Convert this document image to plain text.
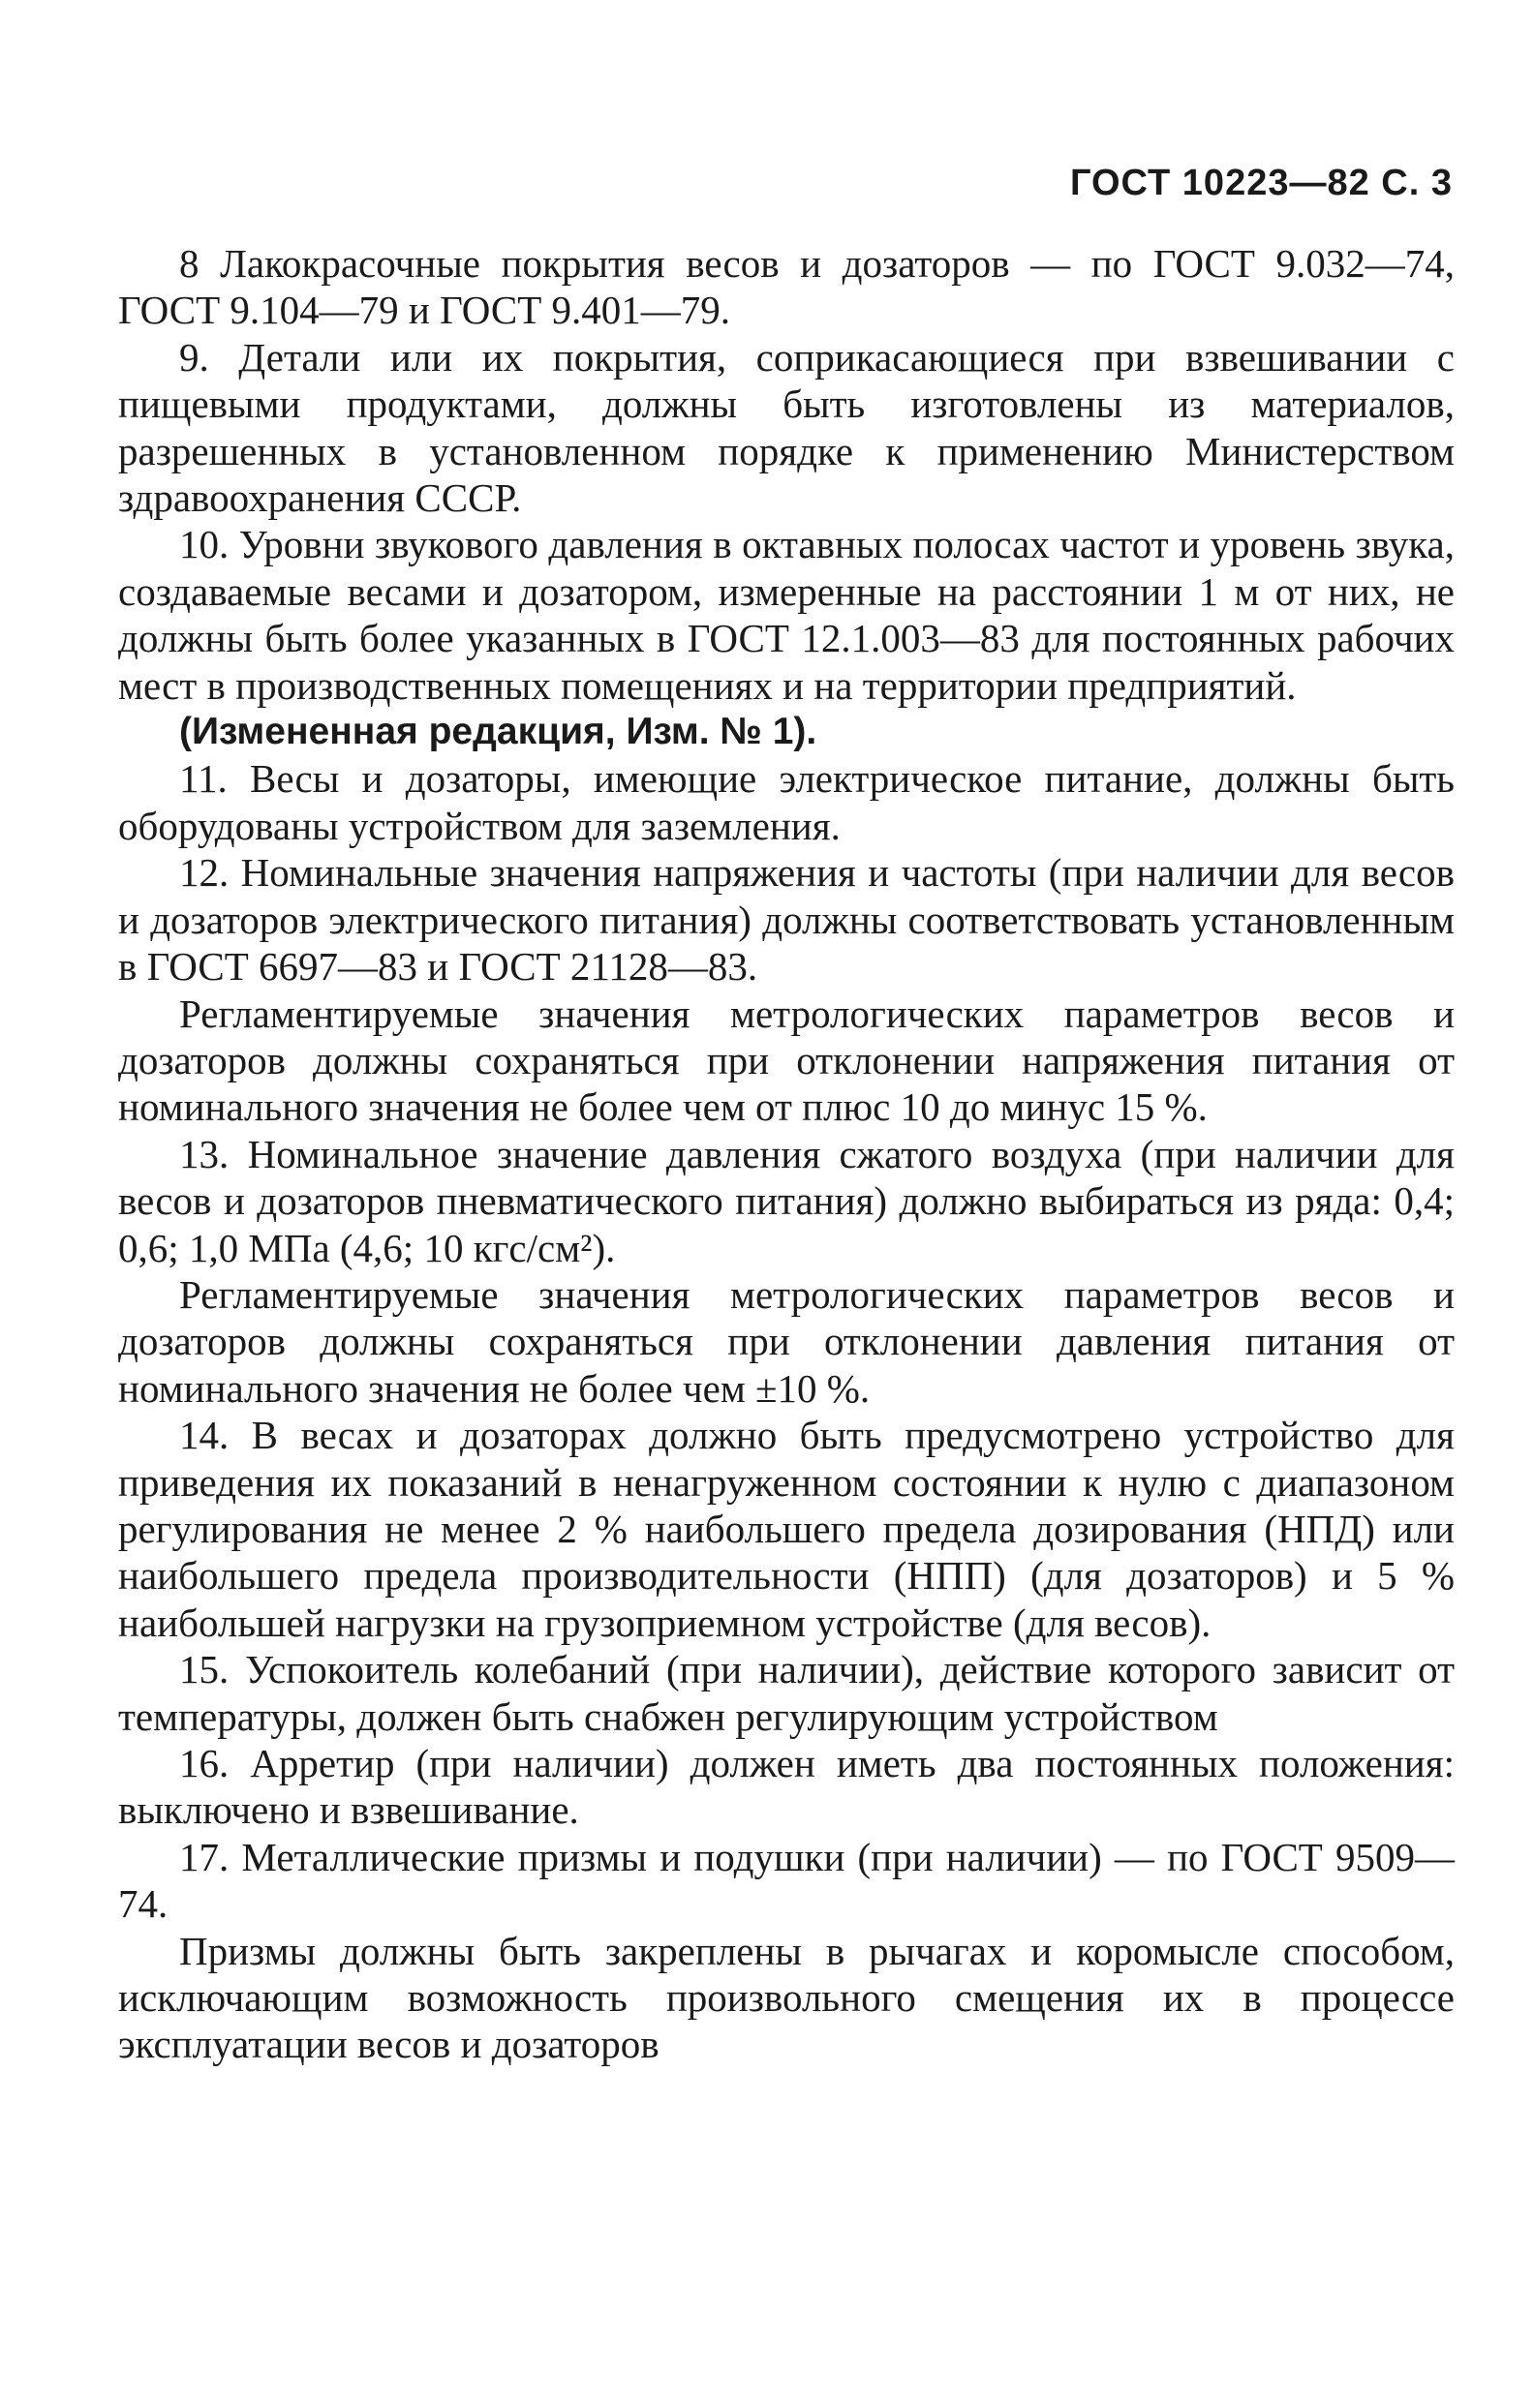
ГОСТ 10223—82 С. 3

8 Лакокрасочные покрытия весов и дозаторов — по ГОСТ 9.032—74, ГОСТ 9.104—79 и ГОСТ 9.401—79.

9. Детали или их покрытия, соприкасающиеся при взвешивании с пищевыми продуктами, должны быть изготовлены из материалов, разрешенных в установленном порядке к применению Министерством здравоохранения СССР.

10. Уровни звукового давления в октавных полосах частот и уровень звука, создаваемые весами и дозатором, измеренные на расстоянии 1 м от них, не должны быть более указанных в ГОСТ 12.1.003—83 для постоянных рабочих мест в производственных помещениях и на территории предприятий.

(Измененная редакция, Изм. № 1).

11. Весы и дозаторы, имеющие электрическое питание, должны быть оборудованы устройством для заземления.

12. Номинальные значения напряжения и частоты (при наличии для весов и дозаторов электрического питания) должны соответствовать установленным в ГОСТ 6697—83 и ГОСТ 21128—83.

Регламентируемые значения метрологических параметров весов и дозаторов должны сохраняться при отклонении напряжения питания от номинального значения не более чем от плюс 10 до минус 15 %.

13. Номинальное значение давления сжатого воздуха (при наличии для весов и дозаторов пневматического питания) должно выбираться из ряда: 0,4; 0,6; 1,0 МПа (4,6; 10 кгс/см²).

Регламентируемые значения метрологических параметров весов и дозаторов должны сохраняться при отклонении давления питания от номинального значения не более чем ±10 %.

14. В весах и дозаторах должно быть предусмотрено устройство для приведения их показаний в ненагруженном состоянии к нулю с диапазоном регулирования не менее 2 % наибольшего предела дозирования (НПД) или наибольшего предела производительности (НПП) (для дозаторов) и 5 % наибольшей нагрузки на грузоприемном устройстве (для весов).

15. Успокоитель колебаний (при наличии), действие которого зависит от температуры, должен быть снабжен регулирующим устройством

16. Арретир (при наличии) должен иметь два постоянных положения: выключено и взвешивание.

17. Металлические призмы и подушки (при наличии) — по ГОСТ 9509—74.

Призмы должны быть закреплены в рычагах и коромысле способом, исключающим возможность произвольного смещения их в процессе эксплуатации весов и дозаторов
